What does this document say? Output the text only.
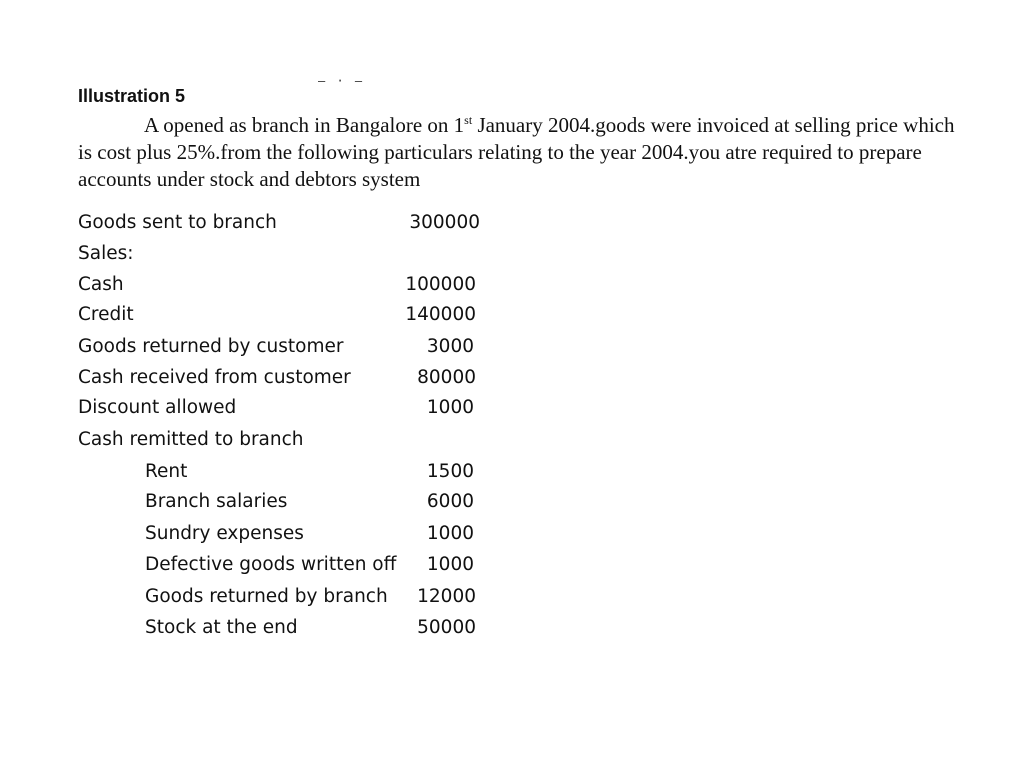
– · –
Illustration 5
A opened as branch in Bangalore on 1st January 2004.goods were invoiced at selling price which is cost plus 25%.from the following particulars relating to the year 2004.you atre required to prepare accounts under stock and debtors system
Goods sent to branch	300000
Sales:
Cash	100000
Credit	140000
Goods returned by customer	3000
Cash received from customer	80000
Discount allowed	1000
Cash remitted to branch
Rent	1500
Branch salaries	6000
Sundry expenses	1000
Defective goods written off 1000
Goods returned by branch 12000
Stock at the end	50000
